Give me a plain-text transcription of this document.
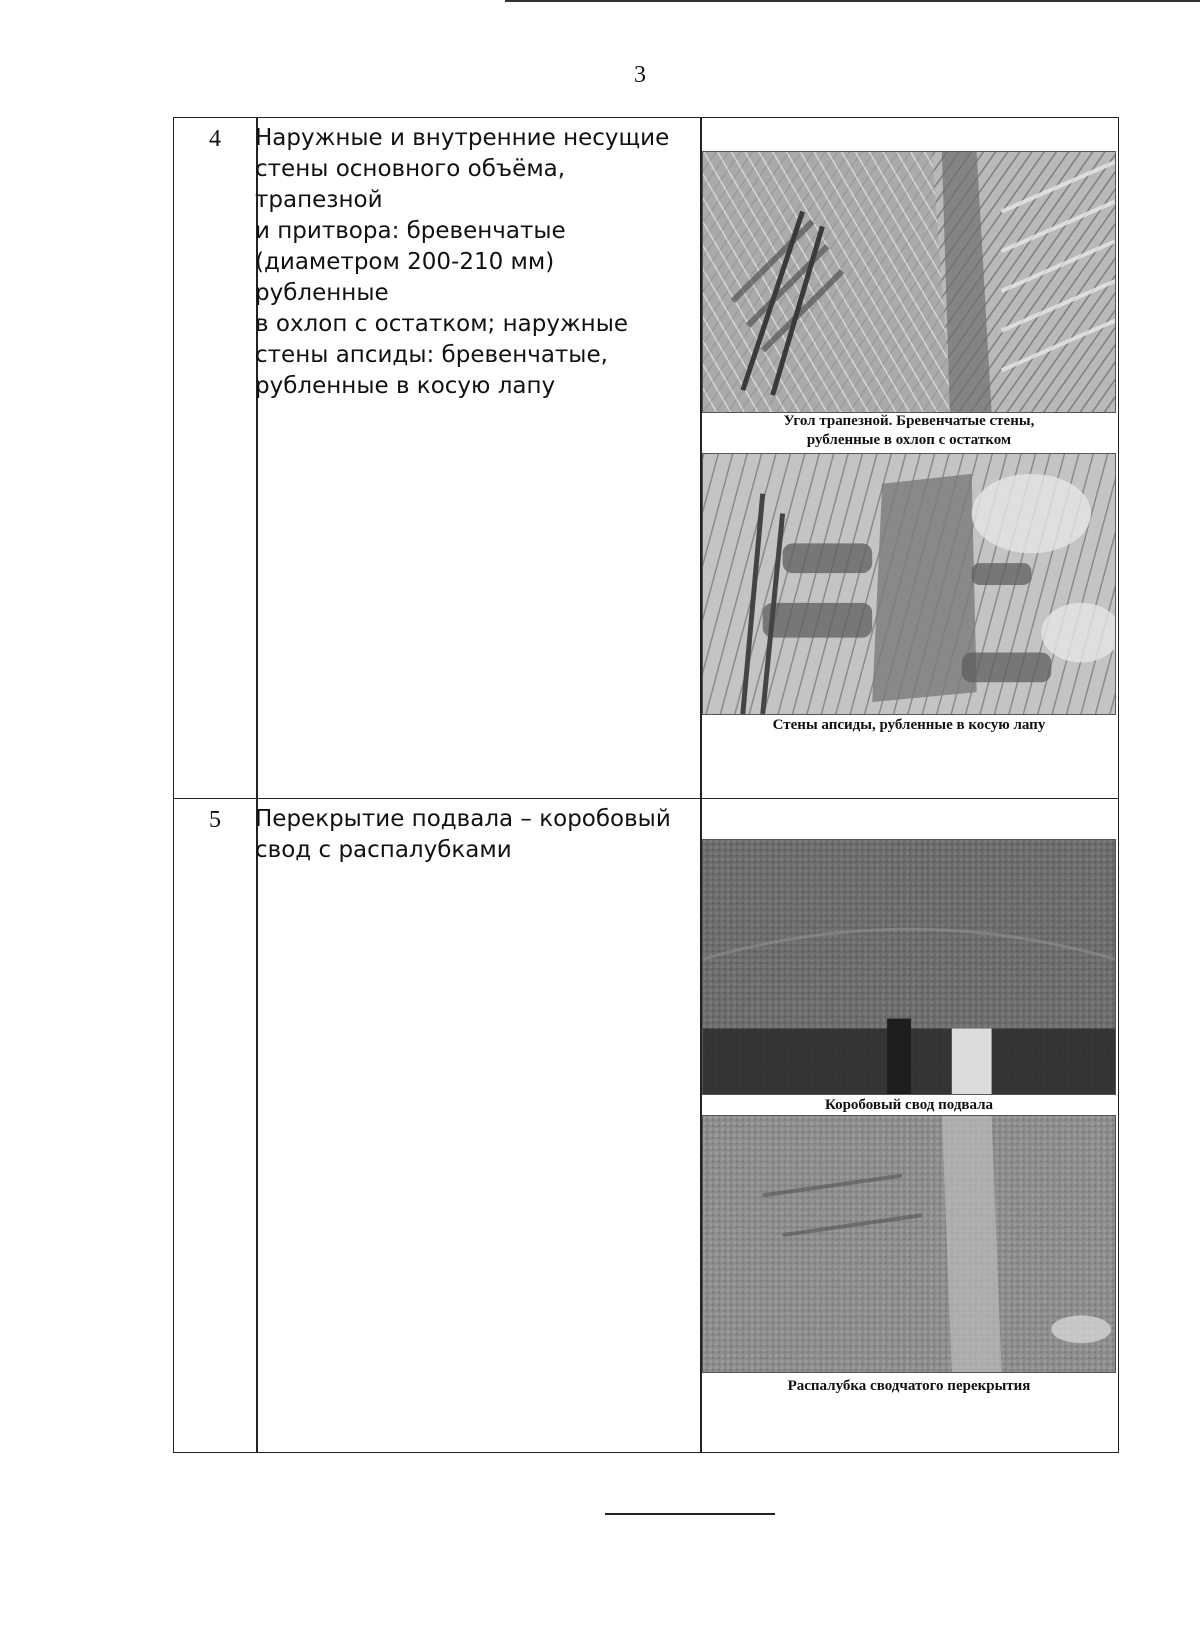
3
4	Наружные и внутренние несущие
стены основного объёма, трапезной
и притвора: бревенчатые
(диаметром 200-210 мм) рубленные
в охлоп с остатком; наружные
стены апсиды: бревенчатые,
рубленные в косую лапу
Угол трапезной. Бревенчатые стены,
рубленные в охлоп с остатком
Стены апсиды, рубленные в косую лапу
5	Перекрытие подвала – коробовый
свод с распалубками
Коробовый свод подвала
Распалубка сводчатого перекрытия
